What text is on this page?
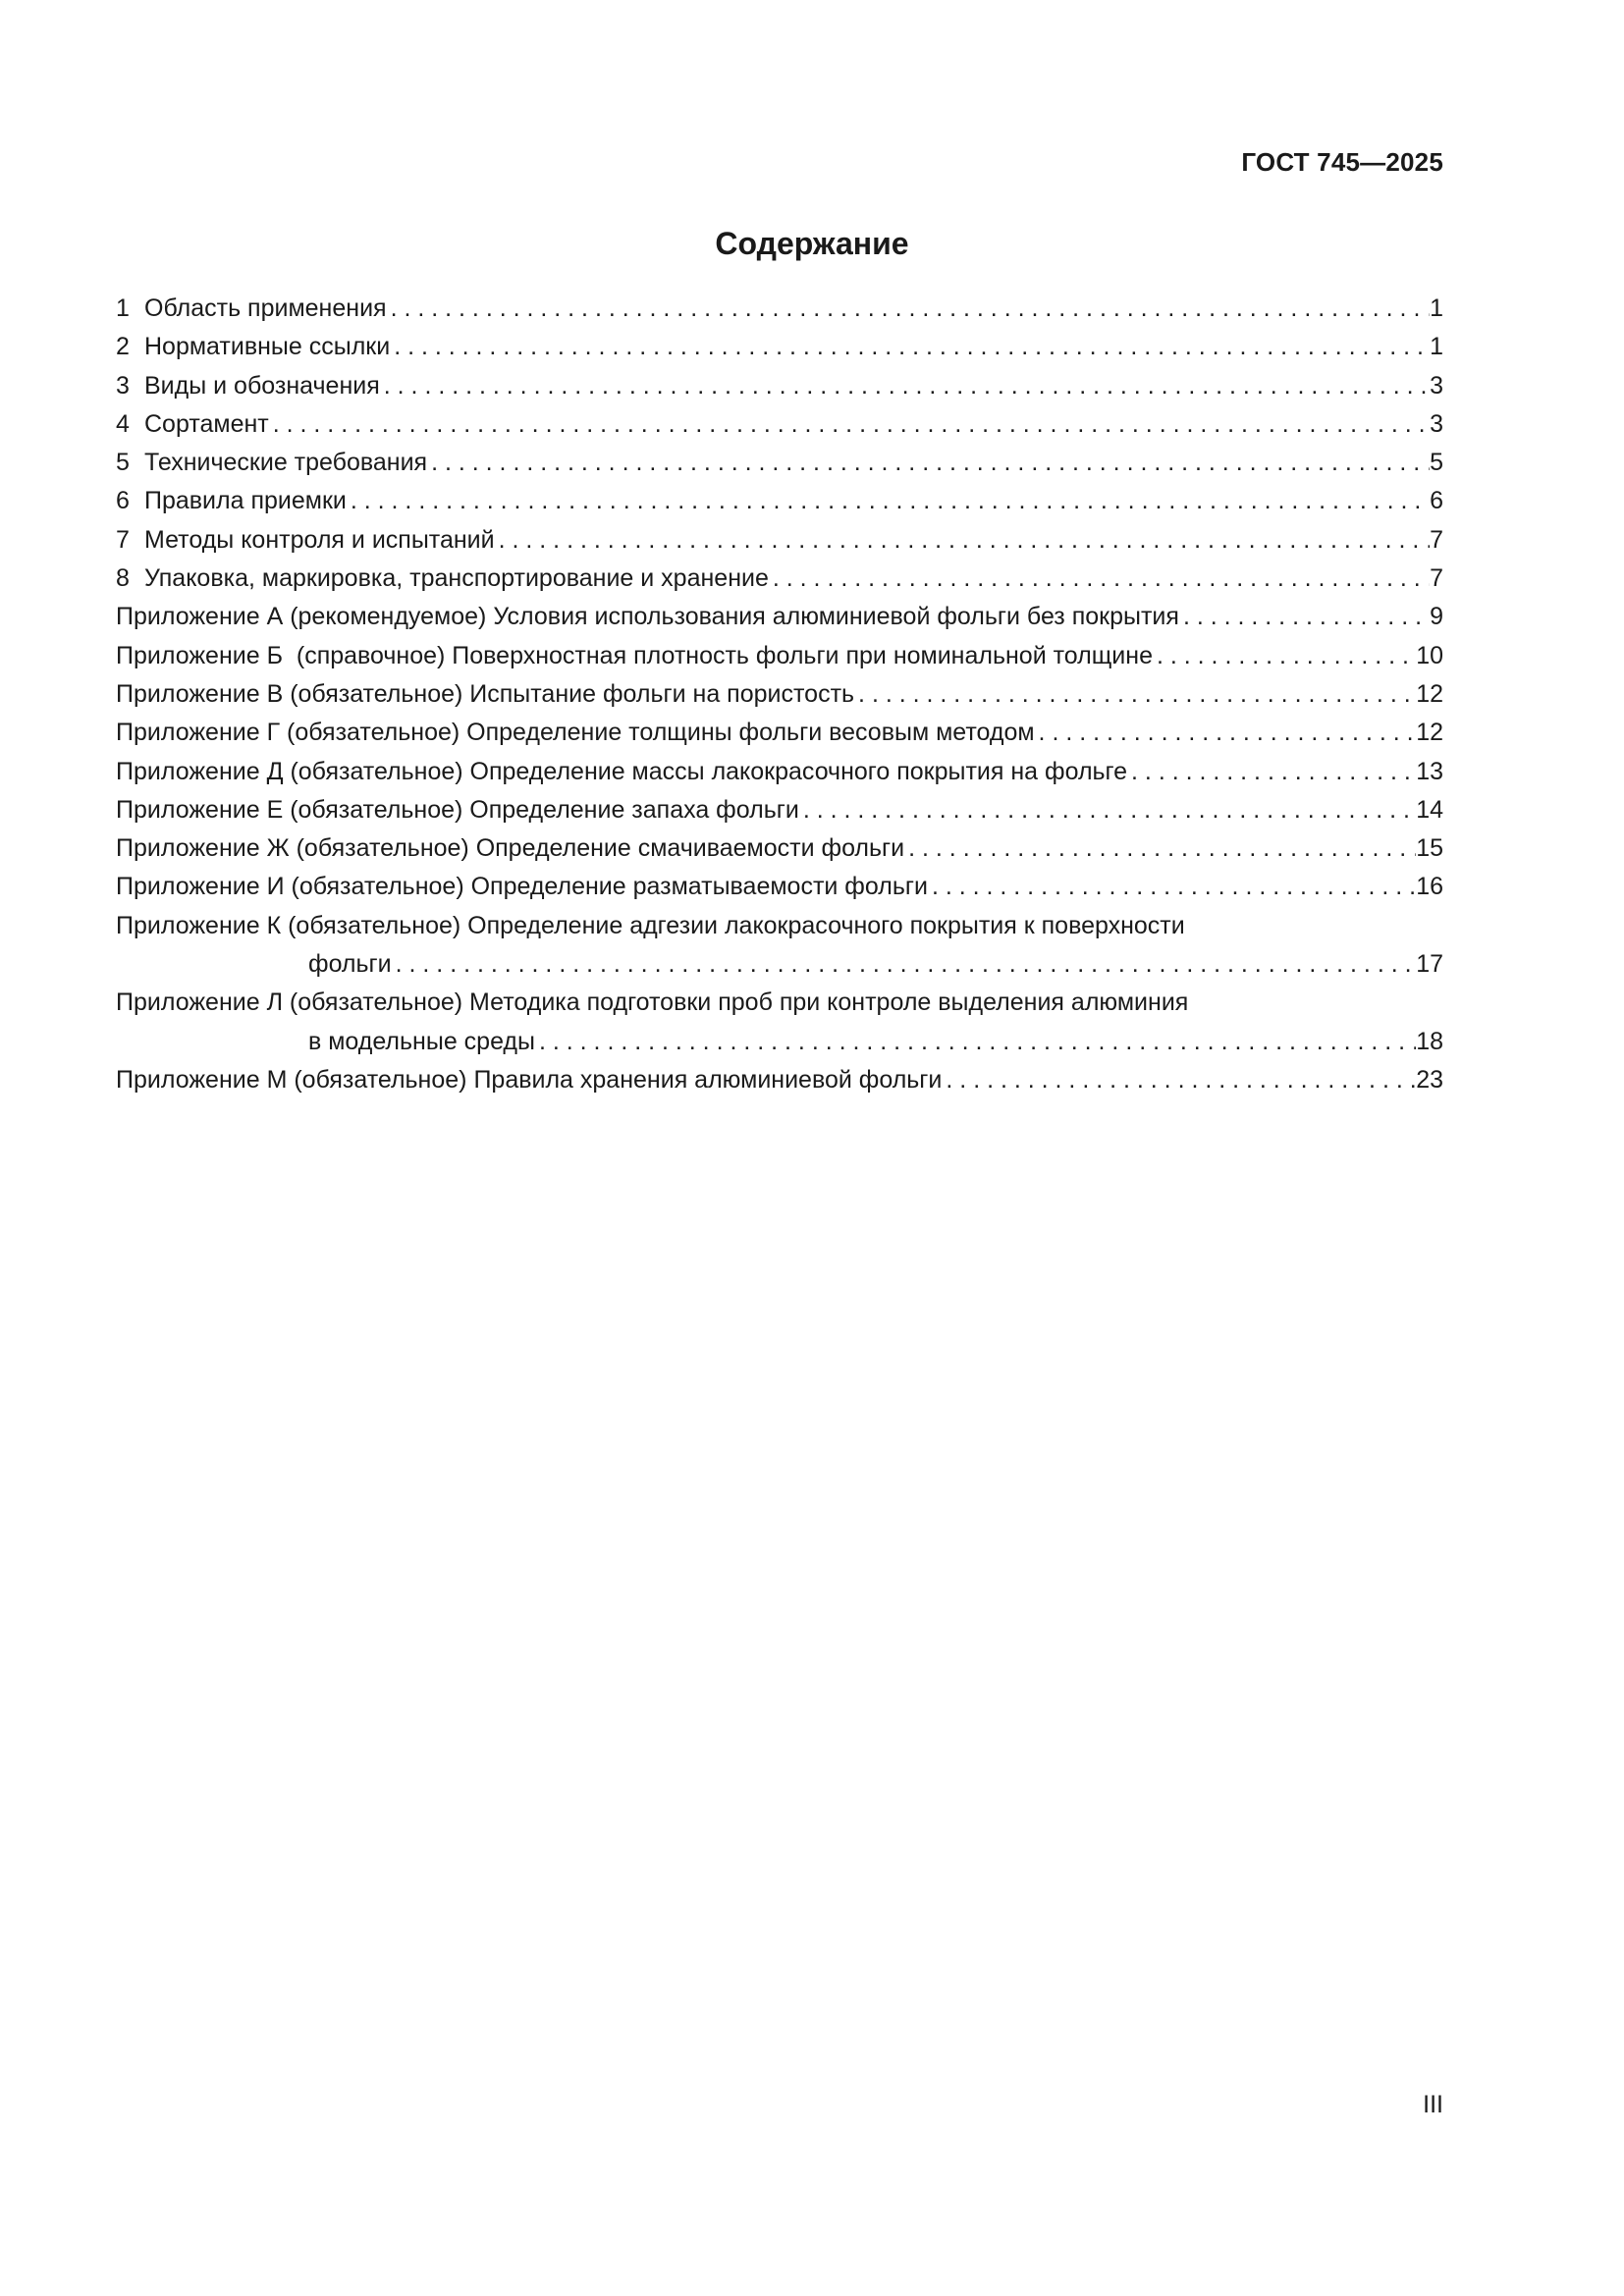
ГОСТ 745—2025
Содержание
1 Область применения . . .	1
2 Нормативные ссылки . . .	1
3 Виды и обозначения . . .	3
4 Сортамент . . .	3
5 Технические требования . . .	5
6 Правила приемки . . .	6
7 Методы контроля и испытаний . . .	7
8 Упаковка, маркировка, транспортирование и хранение . . .	7
Приложение А (рекомендуемое) Условия использования алюминиевой фольги без покрытия . . .	9
Приложение Б  (справочное) Поверхностная плотность фольги при номинальной толщине . . .	10
Приложение В (обязательное) Испытание фольги на пористость . . .	12
Приложение Г (обязательное) Определение толщины фольги весовым методом . . .	12
Приложение Д (обязательное) Определение массы лакокрасочного покрытия на фольге . . .	13
Приложение Е (обязательное) Определение запаха фольги . . .	14
Приложение Ж (обязательное) Определение смачиваемости фольги . . .	15
Приложение И (обязательное) Определение разматываемости фольги . . .	16
Приложение К (обязательное) Определение адгезии лакокрасочного покрытия к поверхности
фольги . . .	17
Приложение Л (обязательное) Методика подготовки проб при контроле выделения алюминия
в модельные среды . . .	18
Приложение М (обязательное) Правила хранения алюминиевой фольги . . .	23
III
